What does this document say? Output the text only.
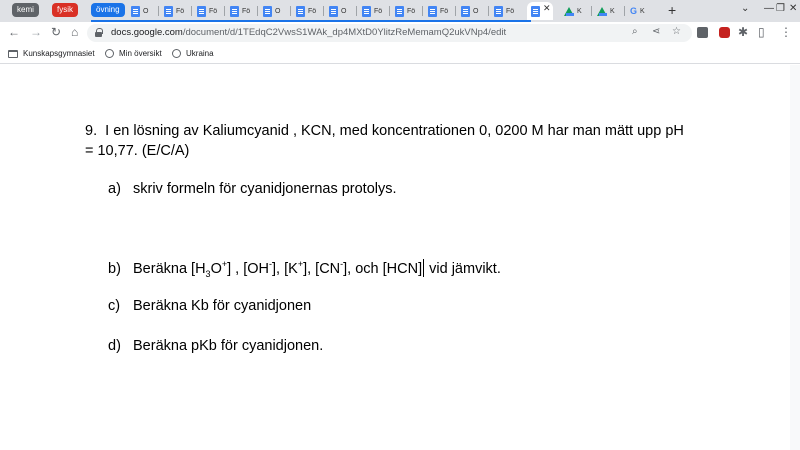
kemi	fysik	övning	Ö	Fö	Fö	Fö	Ö	Fö	Ö	Fö	Fö	Fö	Ö	Fö	✕	K	K	G K	+	⌄ — ❐ ✕
← → ↻ ⌂	docs.google.com/document/d/1TEdqC2VwsS1WAk_dp4MXtD0YlitzReMemamQ2ukVNp4/edit	⌕ ⋖ ☆	✱ ▯ ⋮
Kunskapsgymnasiet	Min översikt	Ukraina
9. I en lösning av Kaliumcyanid , KCN, med koncentrationen 0, 0200 M har man mätt upp pH = 10,77. (E/C/A)
a) skriv formeln för cyanidjonernas protolys.
b) Beräkna $[H_3O^+]$ , [OH-], [K+], [CN-], och [HCN] vid jämvikt.
c) Beräkna Kb för cyanidjonen
d) Beräkna pKb för cyanidjonen.
